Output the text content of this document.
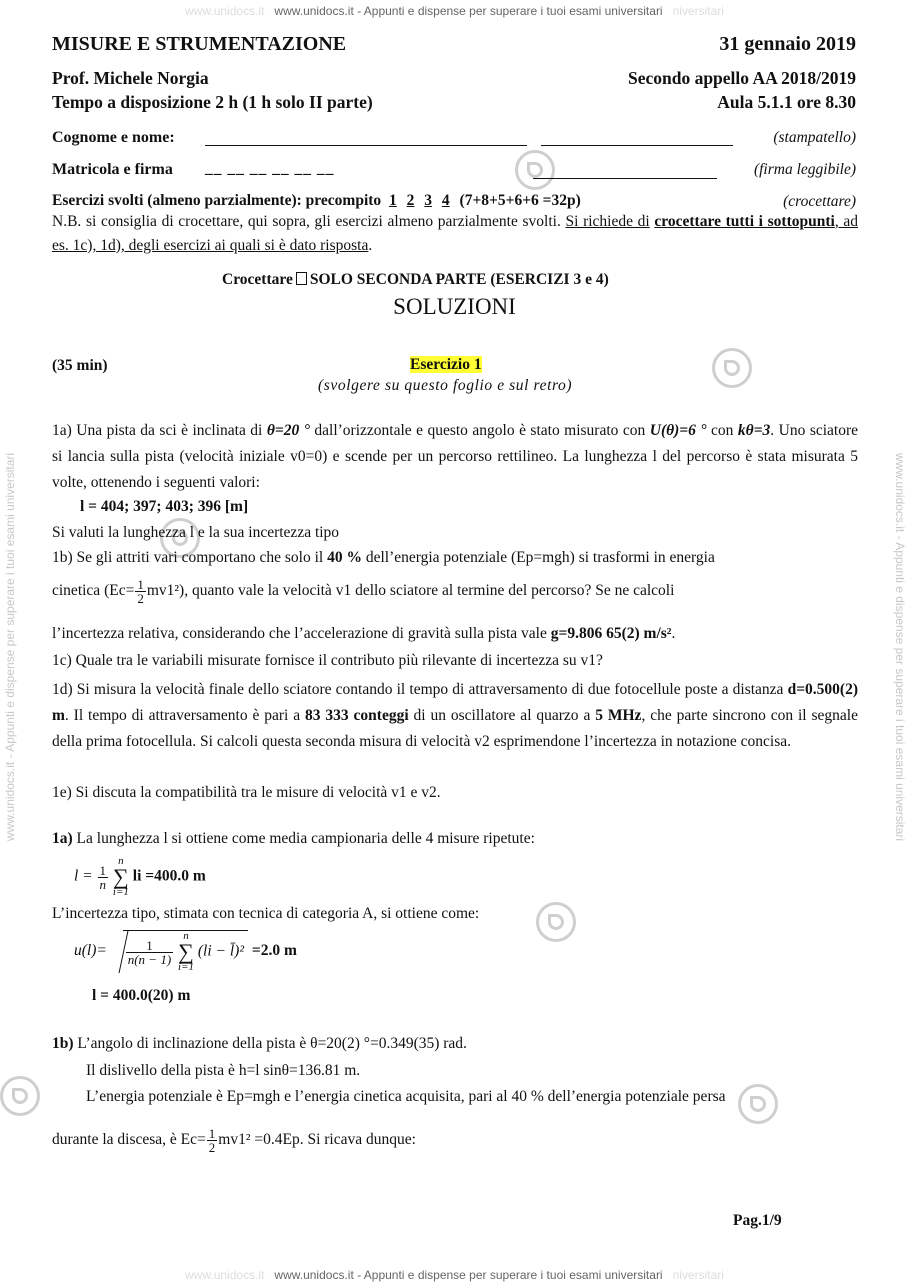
www.unidocs.it   www.unidocs.it - Appunti e dispense per superare i tuoi esami universitari   niversitari
www.unidocs.it   www.unidocs.it - Appunti e dispense per superare i tuoi esami universitari   niversitari
www.unidocs.it - Appunti e dispense per superare i tuoi esami universitari	www.unidocs.it - Appunti e dispense per superare i tuoi esami universitari
MISURE E STRUMENTAZIONE	31 gennaio 2019
Prof. Michele Norgia	Secondo appello AA 2018/2019
Tempo a disposizione 2 h (1 h solo II parte)	Aula 5.1.1 ore 8.30
Cognome e nome:	(stampatello)
Matricola e firma __ __ __ __ __ __	(firma leggibile)
Esercizi svolti (almeno parzialmente): precompito 1 2 3 4 (7+8+5+6+6 =32p)	(crocettare)
N.B. si consiglia di crocettare, qui sopra, gli esercizi almeno parzialmente svolti. Si richiede di crocettare tutti i sottopunti, ad es. 1c), 1d), degli esercizi ai quali si è dato risposta.
Crocettare SOLO SECONDA PARTE (ESERCIZI 3 e 4)
SOLUZIONI
(35 min)	Esercizio 1
(svolgere su questo foglio e sul retro)
1a) Una pista da sci è inclinata di θ=20 ° dall’orizzontale e questo angolo è stato misurato con U(θ)=6 ° con kθ=3. Uno sciatore si lancia sulla pista (velocità iniziale v0=0) e scende per un percorso rettilineo. La lunghezza l del percorso è stata misurata 5 volte, ottenendo i seguenti valori:
l = 404; 397; 403; 396 [m]
Si valuti la lunghezza l e la sua incertezza tipo
1b) Se gli attriti vari comportano che solo il 40 % dell’energia potenziale (Ep=mgh) si trasformi in energia
cinetica $(Ec= \frac{1}{2} mv1^2)$, quanto vale la velocità v1 dello sciatore al termine del percorso? Se ne calcoli
l’incertezza relativa, considerando che l’accelerazione di gravità sulla pista vale g=9.806 65(2) m/s².
1c) Quale tra le variabili misurate fornisce il contributo più rilevante di incertezza su v1?
1d) Si misura la velocità finale dello sciatore contando il tempo di attraversamento di due fotocellule poste a distanza d=0.500(2) m. Il tempo di attraversamento è pari a 83 333 conteggi di un oscillatore al quarzo a 5 MHz, che parte sincrono con il segnale della prima fotocellula. Si calcoli questa seconda misura di velocità v2 esprimendone l’incertezza in notazione concisa.
1e) Si discuta la compatibilità tra le misure di velocità v1 e v2.
1a) La lunghezza l si ottiene come media campionaria delle 4 misure ripetute:
$l = \frac{1}{n}$
n
∑
i=1 li =400.0 m
L’incertezza tipo, stimata con tecnica di categoria A, si ottiene come:
$u(l)= \frac{1}{n(n - 1)}$
n
∑
i=1 (li − l̄)² =2.0 m
l = 400.0(20) m
1b) L’angolo di inclinazione della pista è θ=20(2) °=0.349(35) rad.
Il dislivello della pista è h=l sinθ=136.81 m.
L’energia potenziale è Ep=mgh e l’energia cinetica acquisita, pari al 40 % dell’energia potenziale persa
durante la discesa, è $Ec= \frac{1}{2} mv1^2 =0.4Ep$. Si ricava dunque:
Pag.1/9
